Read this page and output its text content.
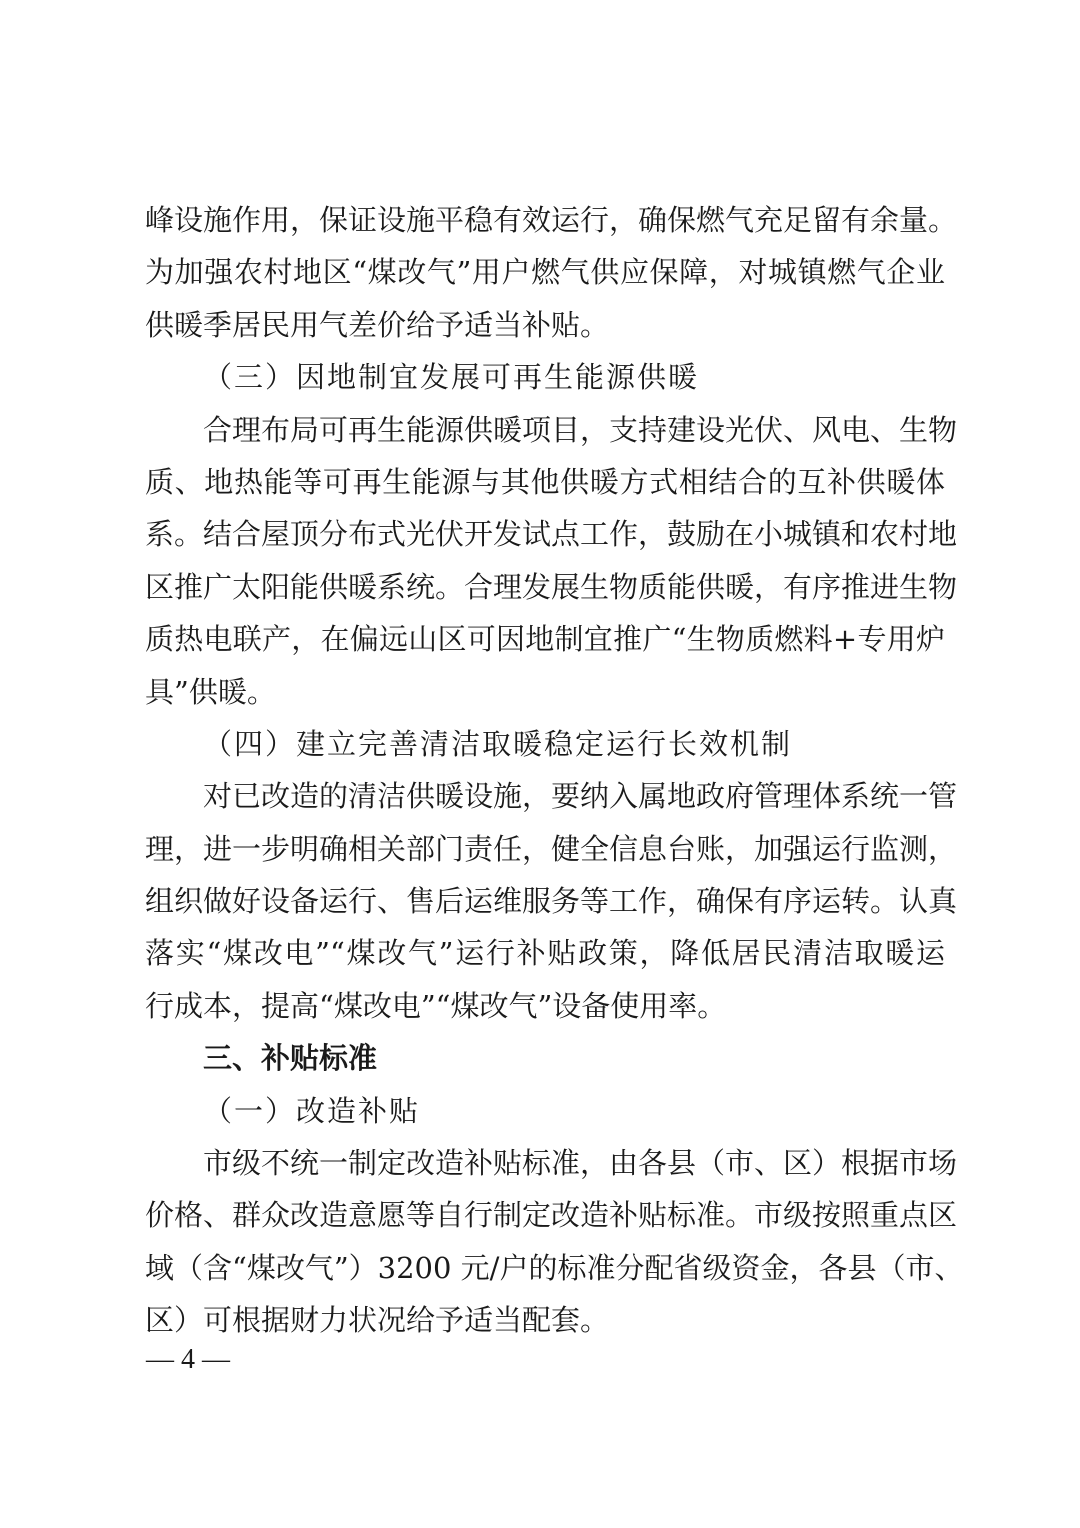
峰设施作用，保证设施平稳有效运行，确保燃气充足留有余量。
为加强农村地区“煤改气”用户燃气供应保障，对城镇燃气企业
供暖季居民用气差价给予适当补贴。
（三）因地制宜发展可再生能源供暖
合理布局可再生能源供暖项目，支持建设光伏、风电、生物
质、地热能等可再生能源与其他供暖方式相结合的互补供暖体
系。结合屋顶分布式光伏开发试点工作，鼓励在小城镇和农村地
区推广太阳能供暖系统。合理发展生物质能供暖，有序推进生物
质热电联产，在偏远山区可因地制宜推广“生物质燃料+专用炉
具”供暖。
（四）建立完善清洁取暖稳定运行长效机制
对已改造的清洁供暖设施，要纳入属地政府管理体系统一管
理，进一步明确相关部门责任，健全信息台账，加强运行监测，
组织做好设备运行、售后运维服务等工作，确保有序运转。认真
落实“煤改电”“煤改气”运行补贴政策，降低居民清洁取暖运
行成本，提高“煤改电”“煤改气”设备使用率。
三、补贴标准
（一）改造补贴
市级不统一制定改造补贴标准，由各县（市、区）根据市场
价格、群众改造意愿等自行制定改造补贴标准。市级按照重点区
域（含“煤改气”）3200 元/户的标准分配省级资金，各县（市、
区）可根据财力状况给予适当配套。
— 4 —
